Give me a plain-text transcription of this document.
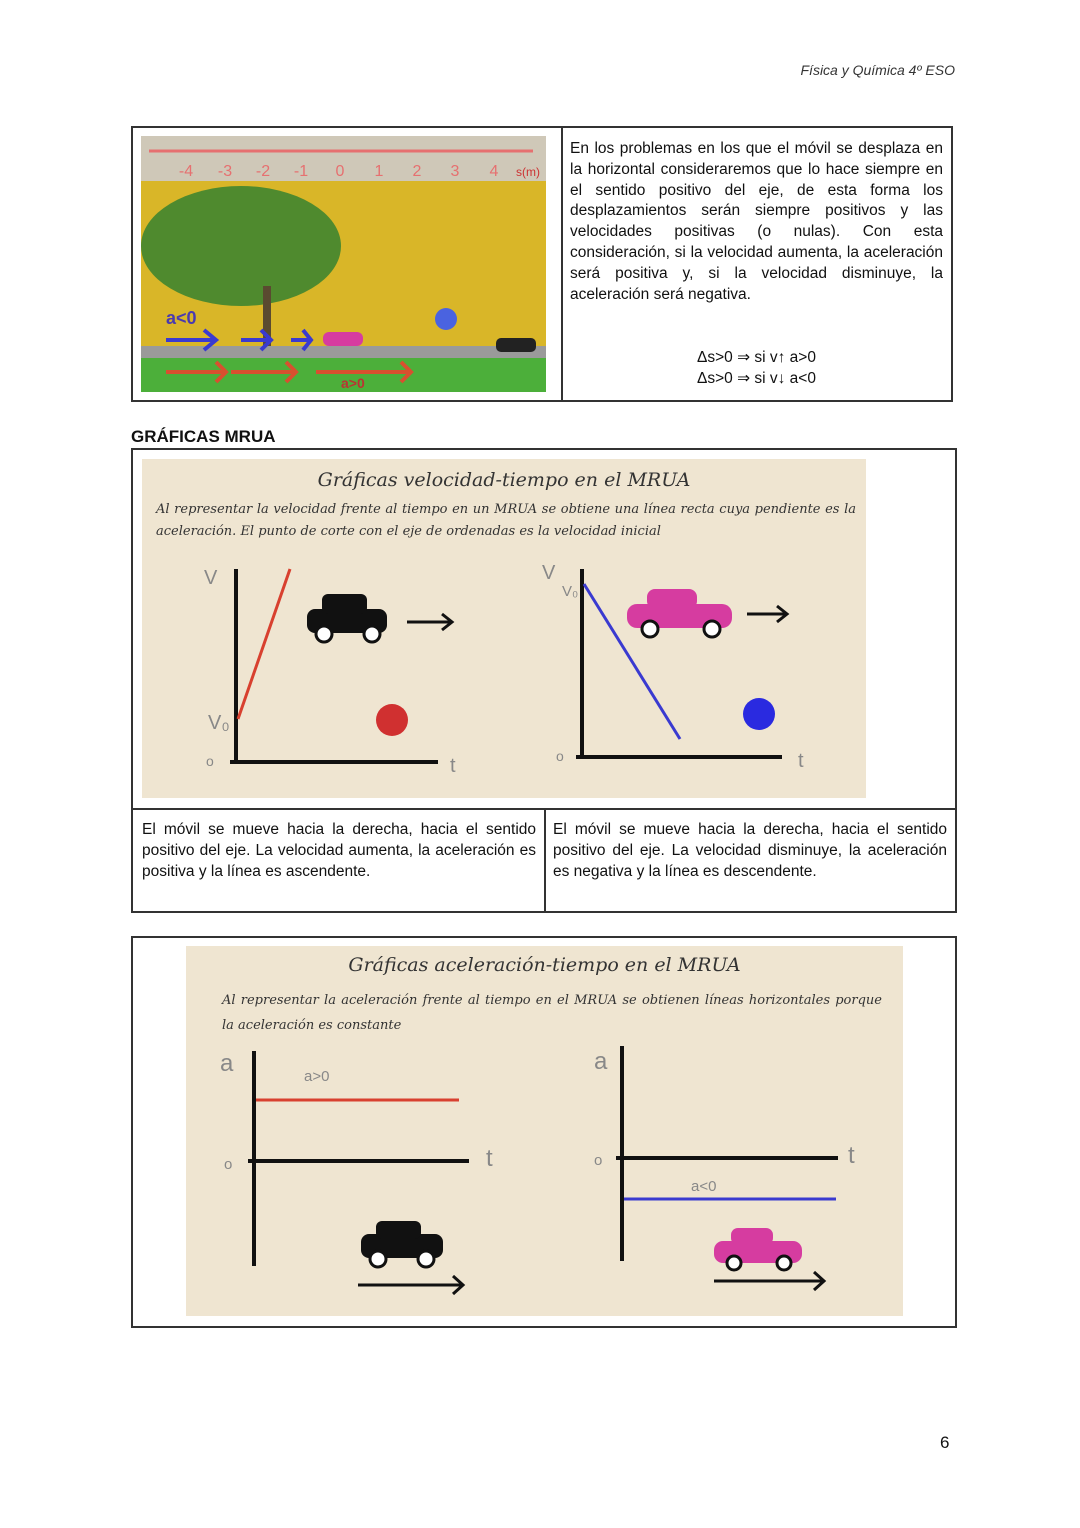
Física y Química 4º ESO
-4 -3 -2 -1 0 1 2 3 4 s(m)
a<0
a>0
En los problemas en los que el móvil se desplaza en la horizontal consideraremos que lo hace siempre en el sentido positivo del eje, de esta forma los desplazamientos serán siempre positivos y las velocidades positivas (o nulas). Con esta consideración, si la velocidad aumenta, la aceleración será positiva y, si la velocidad disminuye, la aceleración será negativa.
Δs>0 ⇒ si v↑ a>0
Δs>0 ⇒ si v↓ a<0
GRÁFICAS MRUA
Gráficas velocidad-tiempo en el MRUA
Al representar la velocidad frente al tiempo en un MRUA se obtiene una línea recta cuya pendiente es la aceleración. El punto de corte con el eje de ordenadas es la velocidad inicial
V	V
V₀
V₀
t	t
o	o
El móvil se mueve hacia la derecha, hacia el sentido positivo del eje. La velocidad aumenta, la aceleración es positiva y la línea es ascendente.
El móvil se mueve hacia la derecha, hacia el sentido positivo del eje. La velocidad disminuye, la aceleración es negativa y la línea es descendente.
Gráficas aceleración-tiempo en el MRUA
Al representar la aceleración frente al tiempo en el MRUA se obtienen líneas horizontales porque la aceleración es constante
a	a
t	t
o	o
a>0
a<0
6
